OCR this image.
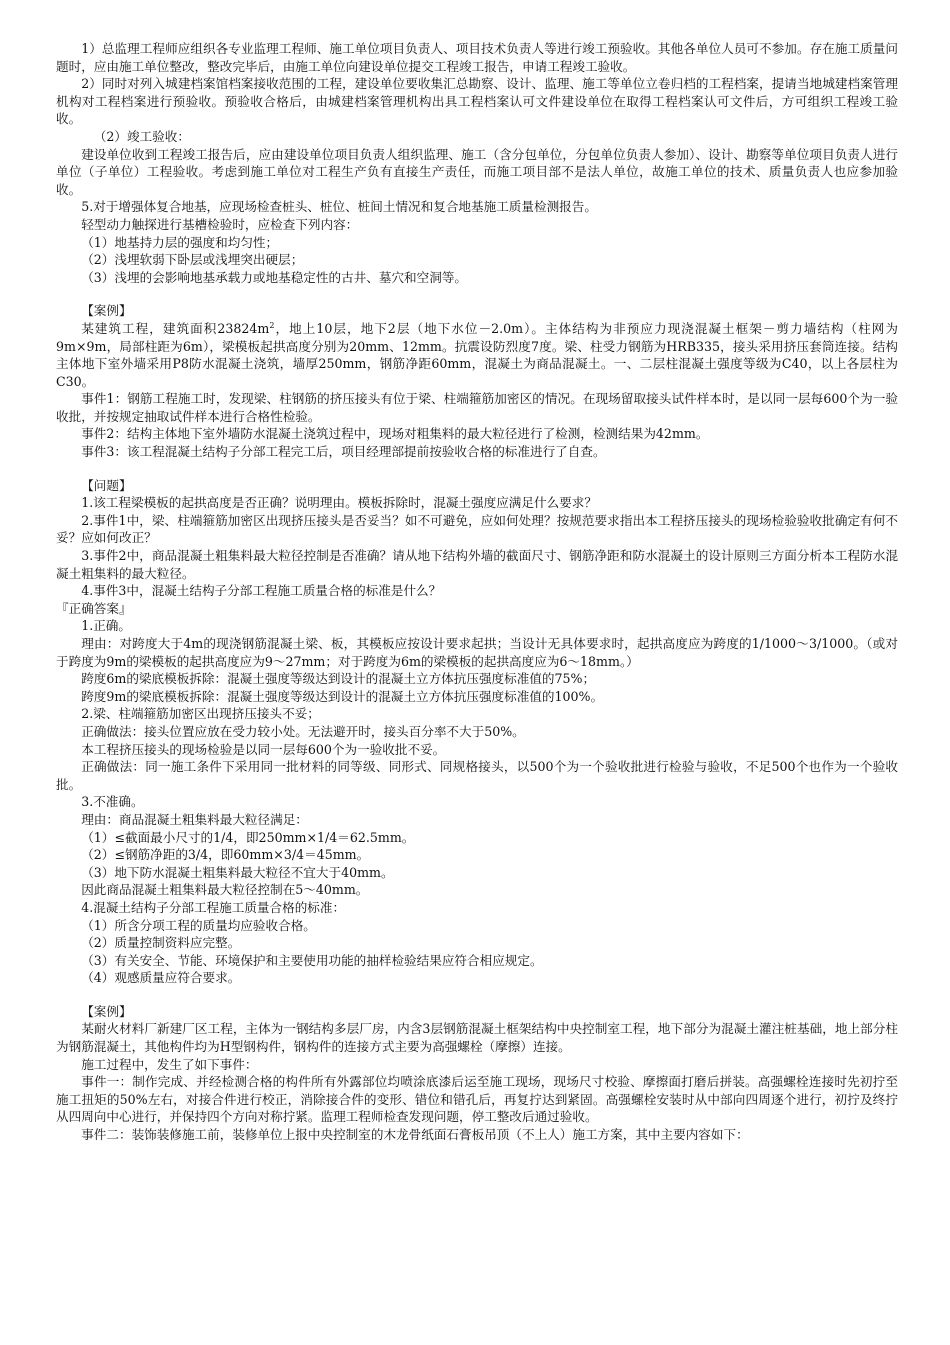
1）总监理工程师应组织各专业监理工程师、施工单位项目负责人、项目技术负责人等进行竣工预验收。其他各单位人员可不参加。存在施工质量问题时，应由施工单位整改，整改完毕后，由施工单位向建设单位提交工程竣工报告，申请工程竣工验收。

2）同时对列入城建档案馆档案接收范围的工程，建设单位要收集汇总勘察、设计、监理、施工等单位立卷归档的工程档案，提请当地城建档案管理机构对工程档案进行预验收。预验收合格后，由城建档案管理机构出具工程档案认可文件建设单位在取得工程档案认可文件后，方可组织工程竣工验收。

（2）竣工验收：

建设单位收到工程竣工报告后，应由建设单位项目负责人组织监理、施工（含分包单位，分包单位负责人参加）、设计、勘察等单位项目负责人进行单位（子单位）工程验收。考虑到施工单位对工程生产负有直接生产责任，而施工项目部不是法人单位，故施工单位的技术、质量负责人也应参加验收。

5.对于增强体复合地基，应现场检查桩头、桩位、桩间土情况和复合地基施工质量检测报告。

轻型动力触探进行基槽检验时，应检查下列内容：

（1）地基持力层的强度和均匀性；

（2）浅埋软弱下卧层或浅埋突出硬层；

（3）浅埋的会影响地基承载力或地基稳定性的古井、墓穴和空洞等。

【案例】

某建筑工程，建筑面积$23824m^2$，地上10层，地下2层（地下水位－2.0m）。主体结构为非预应力现浇混凝土框架－剪力墙结构（柱网为9m×9m，局部柱距为6m），梁模板起拱高度分别为20mm、12mm。抗震设防烈度7度。梁、柱受力钢筋为HRB335，接头采用挤压套筒连接。结构主体地下室外墙采用P8防水混凝土浇筑，墙厚250mm，钢筋净距60mm，混凝土为商品混凝土。一、二层柱混凝土强度等级为C40，以上各层柱为C30。

事件1：钢筋工程施工时，发现梁、柱钢筋的挤压接头有位于梁、柱端箍筋加密区的情况。在现场留取接头试件样本时，是以同一层每600个为一验收批，并按规定抽取试件样本进行合格性检验。

事件2：结构主体地下室外墙防水混凝土浇筑过程中，现场对粗集料的最大粒径进行了检测，检测结果为42mm。

事件3：该工程混凝土结构子分部工程完工后，项目经理部提前按验收合格的标准进行了自查。

【问题】

1.该工程梁模板的起拱高度是否正确？说明理由。模板拆除时，混凝土强度应满足什么要求？

2.事件1中，梁、柱端箍筋加密区出现挤压接头是否妥当？如不可避免，应如何处理？按规范要求指出本工程挤压接头的现场检验验收批确定有何不妥？应如何改正？

3.事件2中，商品混凝土粗集料最大粒径控制是否准确？请从地下结构外墙的截面尺寸、钢筋净距和防水混凝土的设计原则三方面分析本工程防水混凝土粗集料的最大粒径。

4.事件3中，混凝土结构子分部工程施工质量合格的标准是什么？

『正确答案』

1.正确。

理由：对跨度大于4m的现浇钢筋混凝土梁、板，其模板应按设计要求起拱；当设计无具体要求时，起拱高度应为跨度的1/1000～3/1000。（或对于跨度为9m的梁模板的起拱高度应为9～27mm；对于跨度为6m的梁模板的起拱高度应为6～18mm。）

跨度6m的梁底模板拆除：混凝土强度等级达到设计的混凝土立方体抗压强度标准值的75%；

跨度9m的梁底模板拆除：混凝土强度等级达到设计的混凝土立方体抗压强度标准值的100%。

2.梁、柱端箍筋加密区出现挤压接头不妥；

正确做法：接头位置应放在受力较小处。无法避开时，接头百分率不大于50%。

本工程挤压接头的现场检验是以同一层每600个为一验收批不妥。

正确做法：同一施工条件下采用同一批材料的同等级、同形式、同规格接头，以500个为一个验收批进行检验与验收，不足500个也作为一个验收批。

3.不准确。

理由：商品混凝土粗集料最大粒径满足：

（1）≤截面最小尺寸的1/4，即250mm×1/4＝62.5mm。

（2）≤钢筋净距的3/4，即60mm×3/4＝45mm。

（3）地下防水混凝土粗集料最大粒径不宜大于40mm。

因此商品混凝土粗集料最大粒径控制在5～40mm。

4.混凝土结构子分部工程施工质量合格的标准：

（1）所含分项工程的质量均应验收合格。

（2）质量控制资料应完整。

（3）有关安全、节能、环境保护和主要使用功能的抽样检验结果应符合相应规定。

（4）观感质量应符合要求。

【案例】

某耐火材料厂新建厂区工程，主体为一钢结构多层厂房，内含3层钢筋混凝土框架结构中央控制室工程，地下部分为混凝土灌注桩基础，地上部分柱为钢筋混凝土，其他构件均为H型钢构件，钢构件的连接方式主要为高强螺栓（摩擦）连接。

施工过程中，发生了如下事件：

事件一：制作完成、并经检测合格的构件所有外露部位均喷涂底漆后运至施工现场，现场尺寸校验、摩擦面打磨后拼装。高强螺栓连接时先初拧至施工扭矩的50%左右，对接合件进行校正，消除接合件的变形、错位和错孔后，再复拧达到紧固。高强螺栓安装时从中部向四周逐个进行，初拧及终拧从四周向中心进行，并保持四个方向对称拧紧。监理工程师检查发现问题，停工整改后通过验收。

事件二：装饰装修施工前，装修单位上报中央控制室的木龙骨纸面石膏板吊顶（不上人）施工方案，其中主要内容如下：
